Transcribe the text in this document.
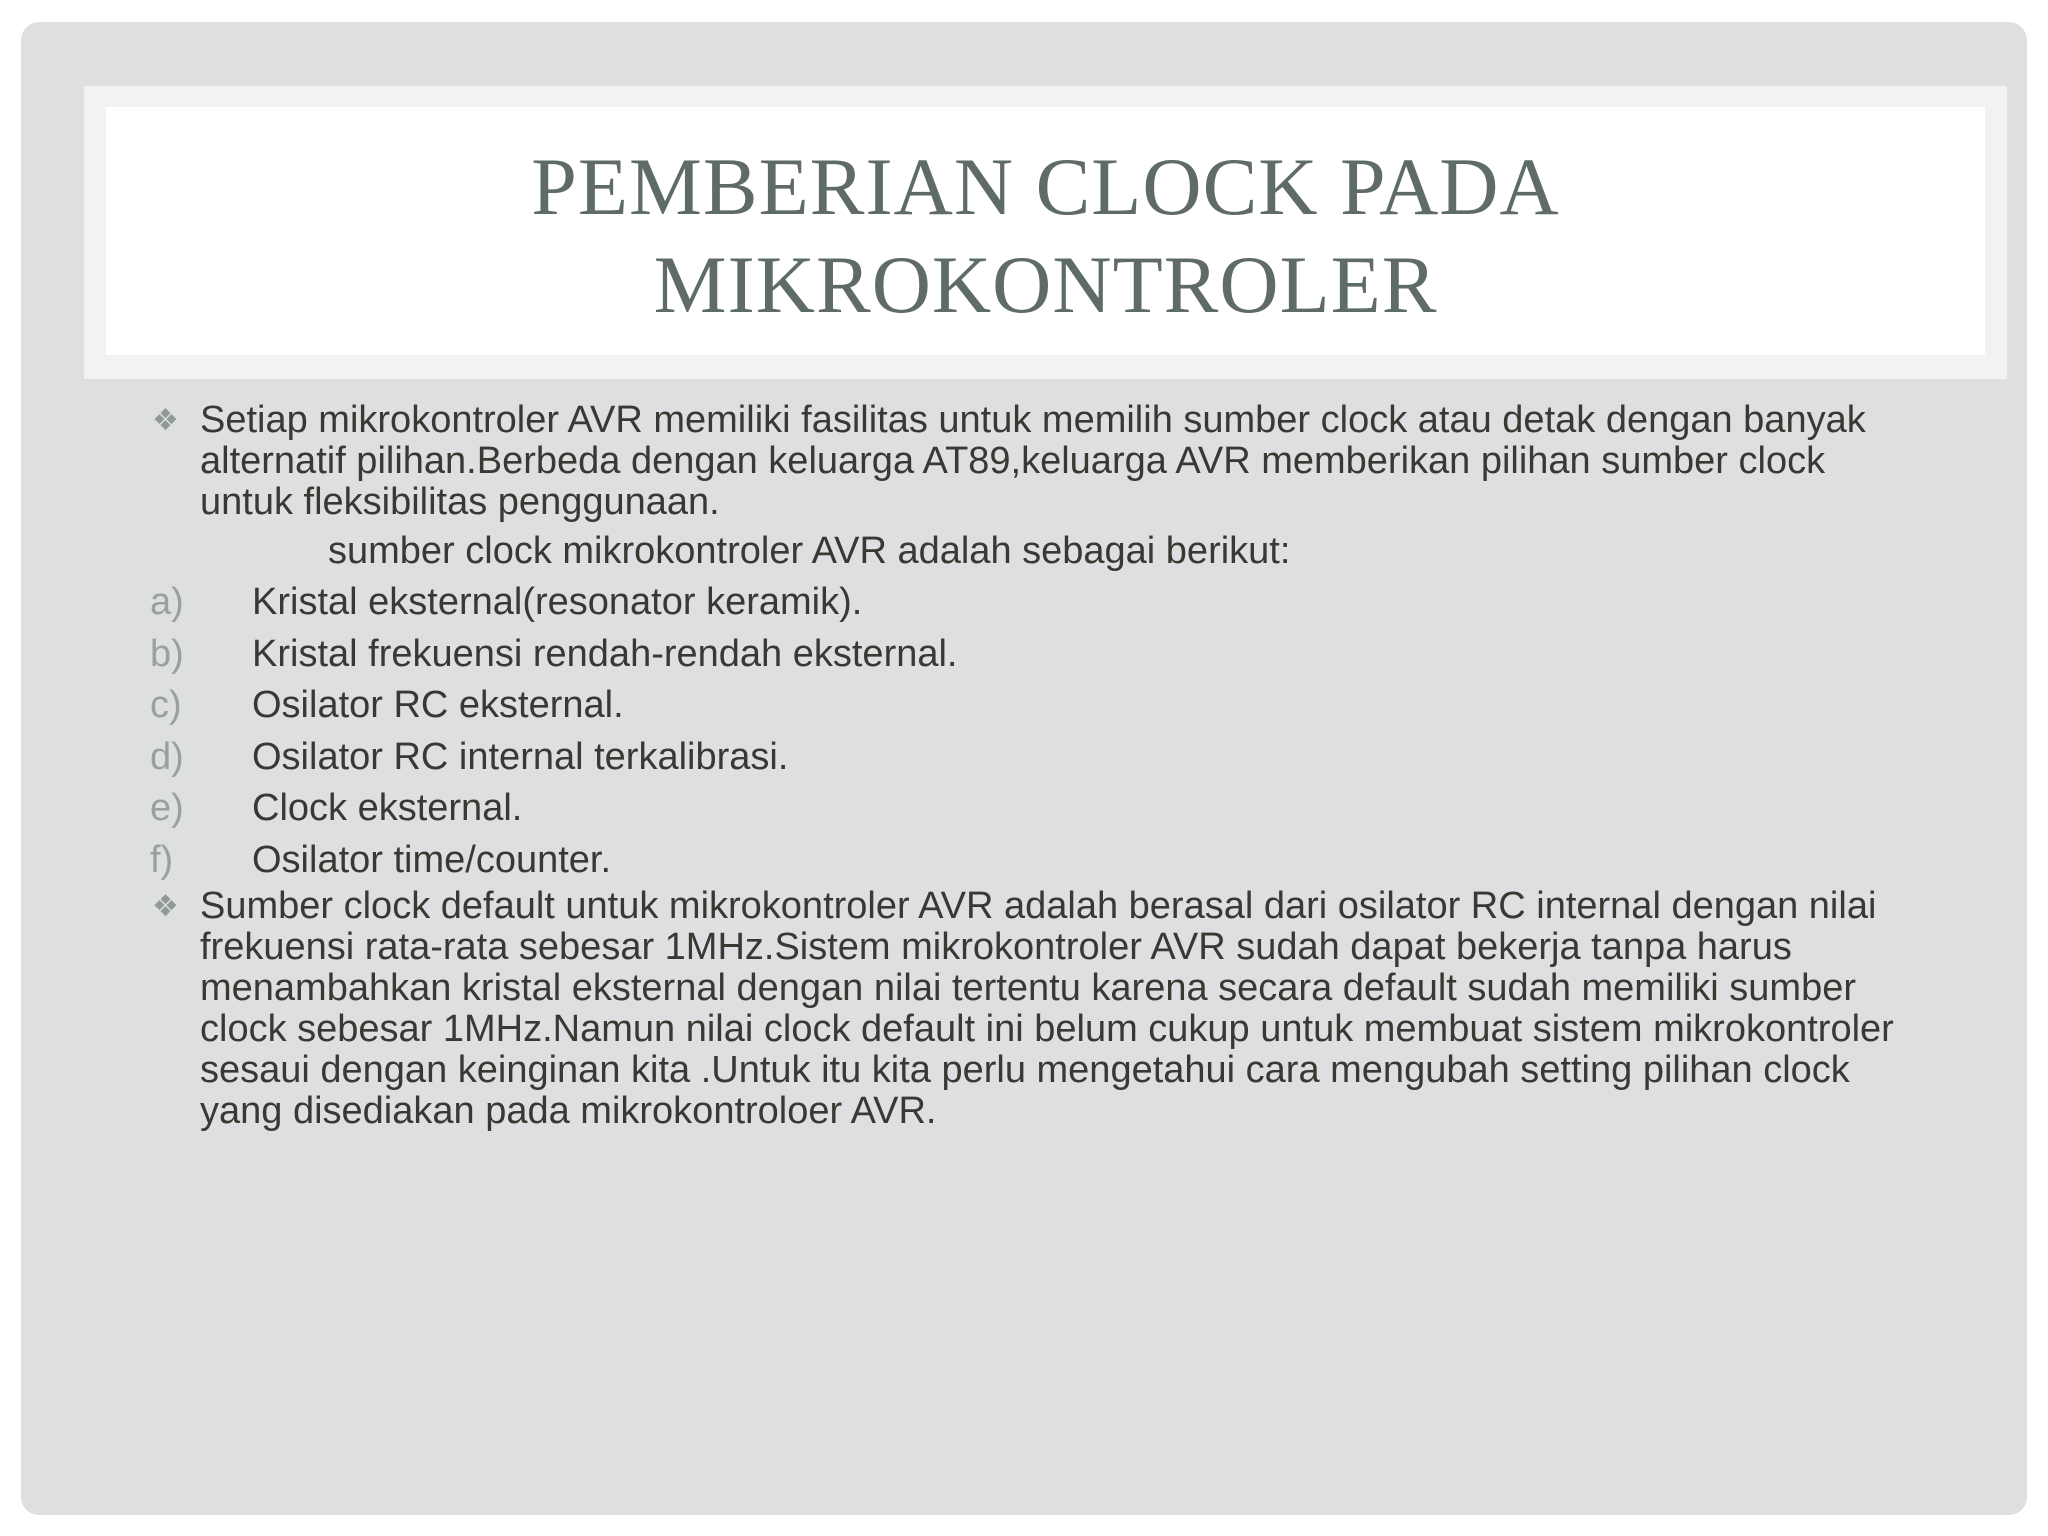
PEMBERIAN CLOCK PADA
MIKROKONTROLER
❖ Setiap mikrokontroler AVR memiliki fasilitas untuk memilih sumber clock atau detak dengan banyak alternatif pilihan.Berbeda dengan keluarga AT89,keluarga AVR memberikan pilihan sumber clock untuk fleksibilitas penggunaan.
sumber clock mikrokontroler AVR adalah sebagai berikut:
a) Kristal eksternal(resonator keramik).
b) Kristal frekuensi rendah-rendah eksternal.
c) Osilator RC eksternal.
d) Osilator RC internal terkalibrasi.
e) Clock eksternal.
f) Osilator time/counter.
❖ Sumber clock default untuk mikrokontroler AVR adalah berasal dari osilator RC internal dengan nilai frekuensi rata-rata sebesar 1MHz.Sistem mikrokontroler AVR sudah dapat bekerja tanpa harus menambahkan kristal eksternal dengan nilai tertentu karena secara default sudah memiliki sumber clock sebesar 1MHz.Namun nilai clock default ini belum cukup untuk membuat sistem mikrokontroler sesaui dengan keinginan kita .Untuk itu kita perlu mengetahui cara mengubah setting pilihan clock yang disediakan pada mikrokontroloer AVR.
